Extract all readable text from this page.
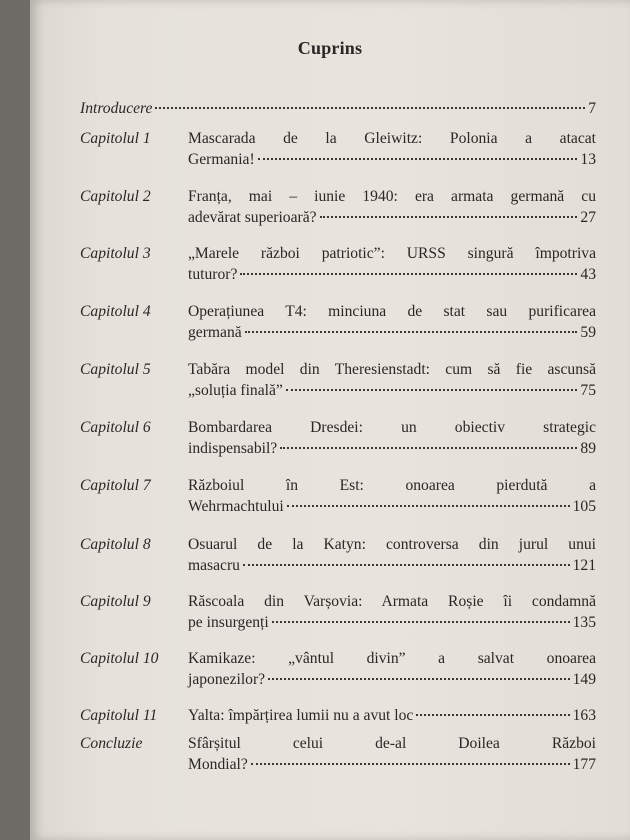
Cuprins
Introducere	7
Capitolul 1 Mascarada de la Gleiwitz: Polonia a atacat
Germania!	13
Capitolul 2 Franța, mai – iunie 1940: era armata germană cu
adevărat superioară?	27
Capitolul 3 „Marele război patriotic”: URSS singură împotriva
tuturor?	43
Capitolul 4 Operațiunea T4: minciuna de stat sau purificarea
germană	59
Capitolul 5 Tabăra model din Theresienstadt: cum să fie ascunsă
„soluția finală”	75
Capitolul 6 Bombardarea Dresdei: un obiectiv strategic
indispensabil?	89
Capitolul 7 Războiul în Est: onoarea pierdută a
Wehrmachtului	105
Capitolul 8 Osuarul de la Katyn: controversa din jurul unui
masacru	121
Capitolul 9 Răscoala din Varșovia: Armata Roșie îi condamnă
pe insurgenți	135
Capitolul 10 Kamikaze: „vântul divin” a salvat onoarea
japonezilor?	149
Capitolul 11 Yalta: împărțirea lumii nu a avut loc	163
Concluzie	Sfârșitul celui de-al Doilea Război
Mondial?	177
